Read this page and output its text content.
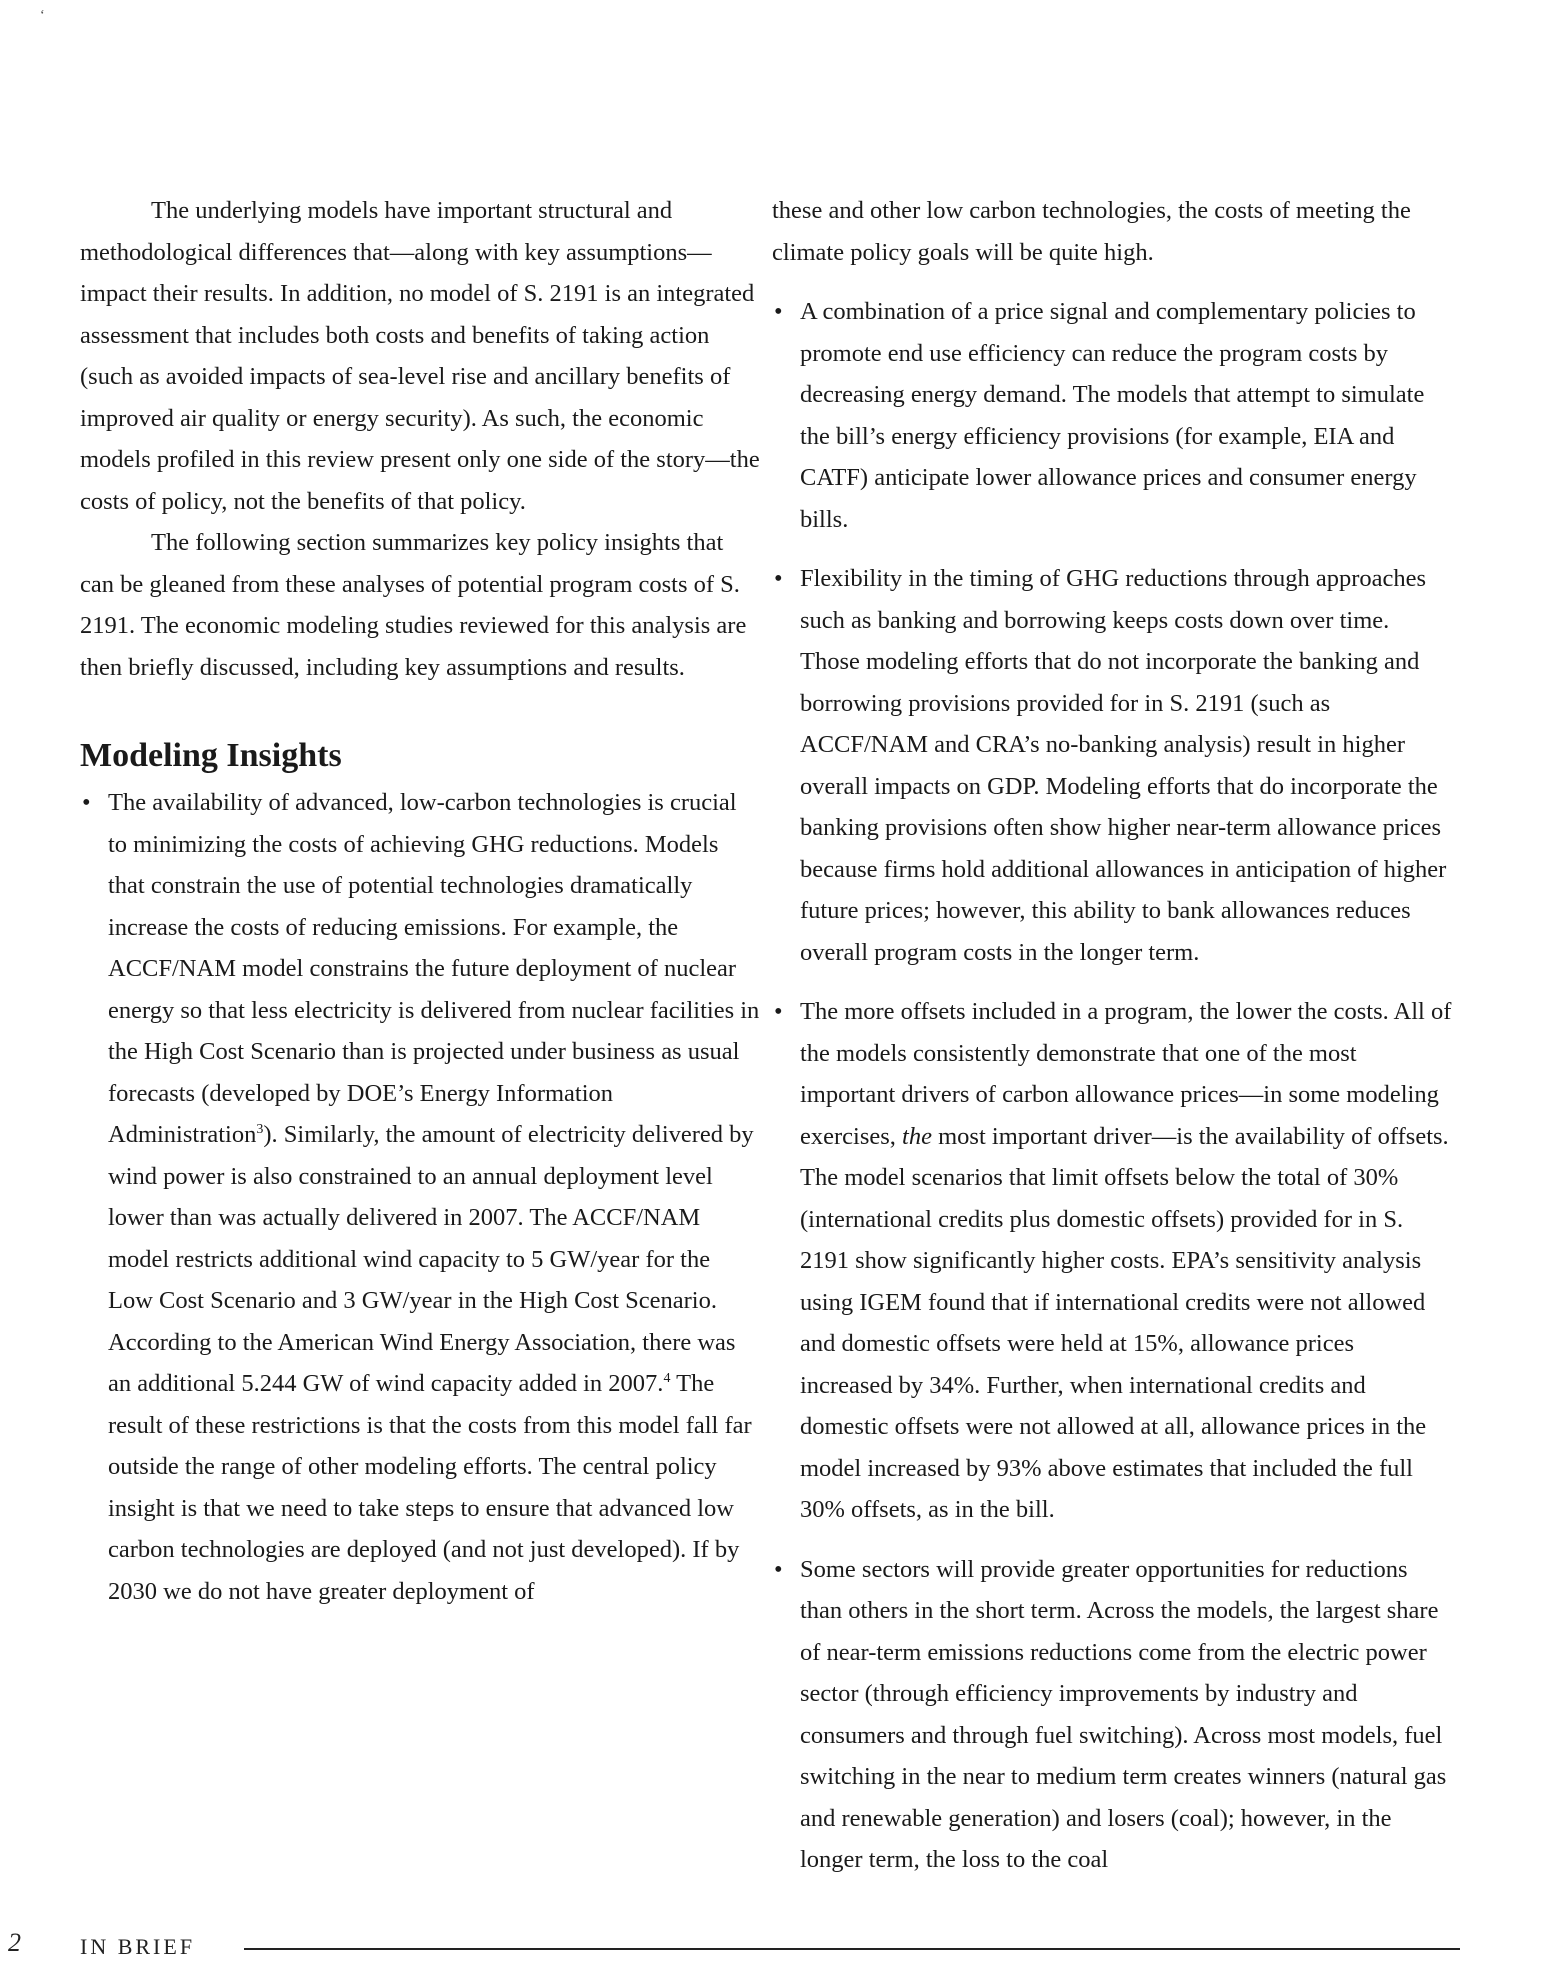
‘

The underlying models have important structural and methodological differences that—along with key assumptions—impact their results. In addition, no model of S. 2191 is an integrated assessment that includes both costs and benefits of taking action (such as avoided impacts of sea-level rise and ancillary benefits of improved air quality or energy security). As such, the economic models profiled in this review present only one side of the story—the costs of policy, not the benefits of that policy.

The following section summarizes key policy insights that can be gleaned from these analyses of potential program costs of S. 2191. The economic modeling studies reviewed for this analysis are then briefly discussed, including key assumptions and results.

Modeling Insights
• The availability of advanced, low-carbon technologies is crucial to minimizing the costs of achieving GHG reductions. Models that constrain the use of potential technologies dramatically increase the costs of reducing emissions. For example, the ACCF/NAM model constrains the future deployment of nuclear energy so that less electricity is delivered from nuclear facilities in the High Cost Scenario than is projected under business as usual forecasts (developed by DOE’s Energy Information Administration$^3$). Similarly, the amount of electricity delivered by wind power is also constrained to an annual deployment level lower than was actually delivered in 2007. The ACCF/NAM model restricts additional wind capacity to 5 GW/year for the Low Cost Scenario and 3 GW/year in the High Cost Scenario. According to the American Wind Energy Association, there was an additional 5.244 GW of wind capacity added in 2007.$^4$ The result of these restrictions is that the costs from this model fall far outside the range of other modeling efforts. The central policy insight is that we need to take steps to ensure that advanced low carbon technologies are deployed (and not just developed). If by 2030 we do not have greater deployment of

these and other low carbon technologies, the costs of meeting the climate policy goals will be quite high.

• A combination of a price signal and complementary policies to promote end use efficiency can reduce the program costs by decreasing energy demand. The models that attempt to simulate the bill’s energy efficiency provisions (for example, EIA and CATF) anticipate lower allowance prices and consumer energy bills.
• Flexibility in the timing of GHG reductions through approaches such as banking and borrowing keeps costs down over time. Those modeling efforts that do not incorporate the banking and borrowing provisions provided for in S. 2191 (such as ACCF/NAM and CRA’s no-banking analysis) result in higher overall impacts on GDP. Modeling efforts that do incorporate the banking provisions often show higher near-term allowance prices because firms hold additional allowances in anticipation of higher future prices; however, this ability to bank allowances reduces overall program costs in the longer term.
• The more offsets included in a program, the lower the costs. All of the models consistently demonstrate that one of the most important drivers of carbon allowance prices—in some modeling exercises, the most important driver—is the availability of offsets. The model scenarios that limit offsets below the total of 30% (international credits plus domestic offsets) provided for in S. 2191 show significantly higher costs. EPA’s sensitivity analysis using IGEM found that if international credits were not allowed and domestic offsets were held at 15%, allowance prices increased by 34%. Further, when international credits and domestic offsets were not allowed at all, allowance prices in the model increased by 93% above estimates that included the full 30% offsets, as in the bill.
• Some sectors will provide greater opportunities for reductions than others in the short term. Across the models, the largest share of near-term emissions reductions come from the electric power sector (through efficiency improvements by industry and consumers and through fuel switching). Across most models, fuel switching in the near to medium term creates winners (natural gas and renewable generation) and losers (coal); however, in the longer term, the loss to the coal
2	IN BRIEF
